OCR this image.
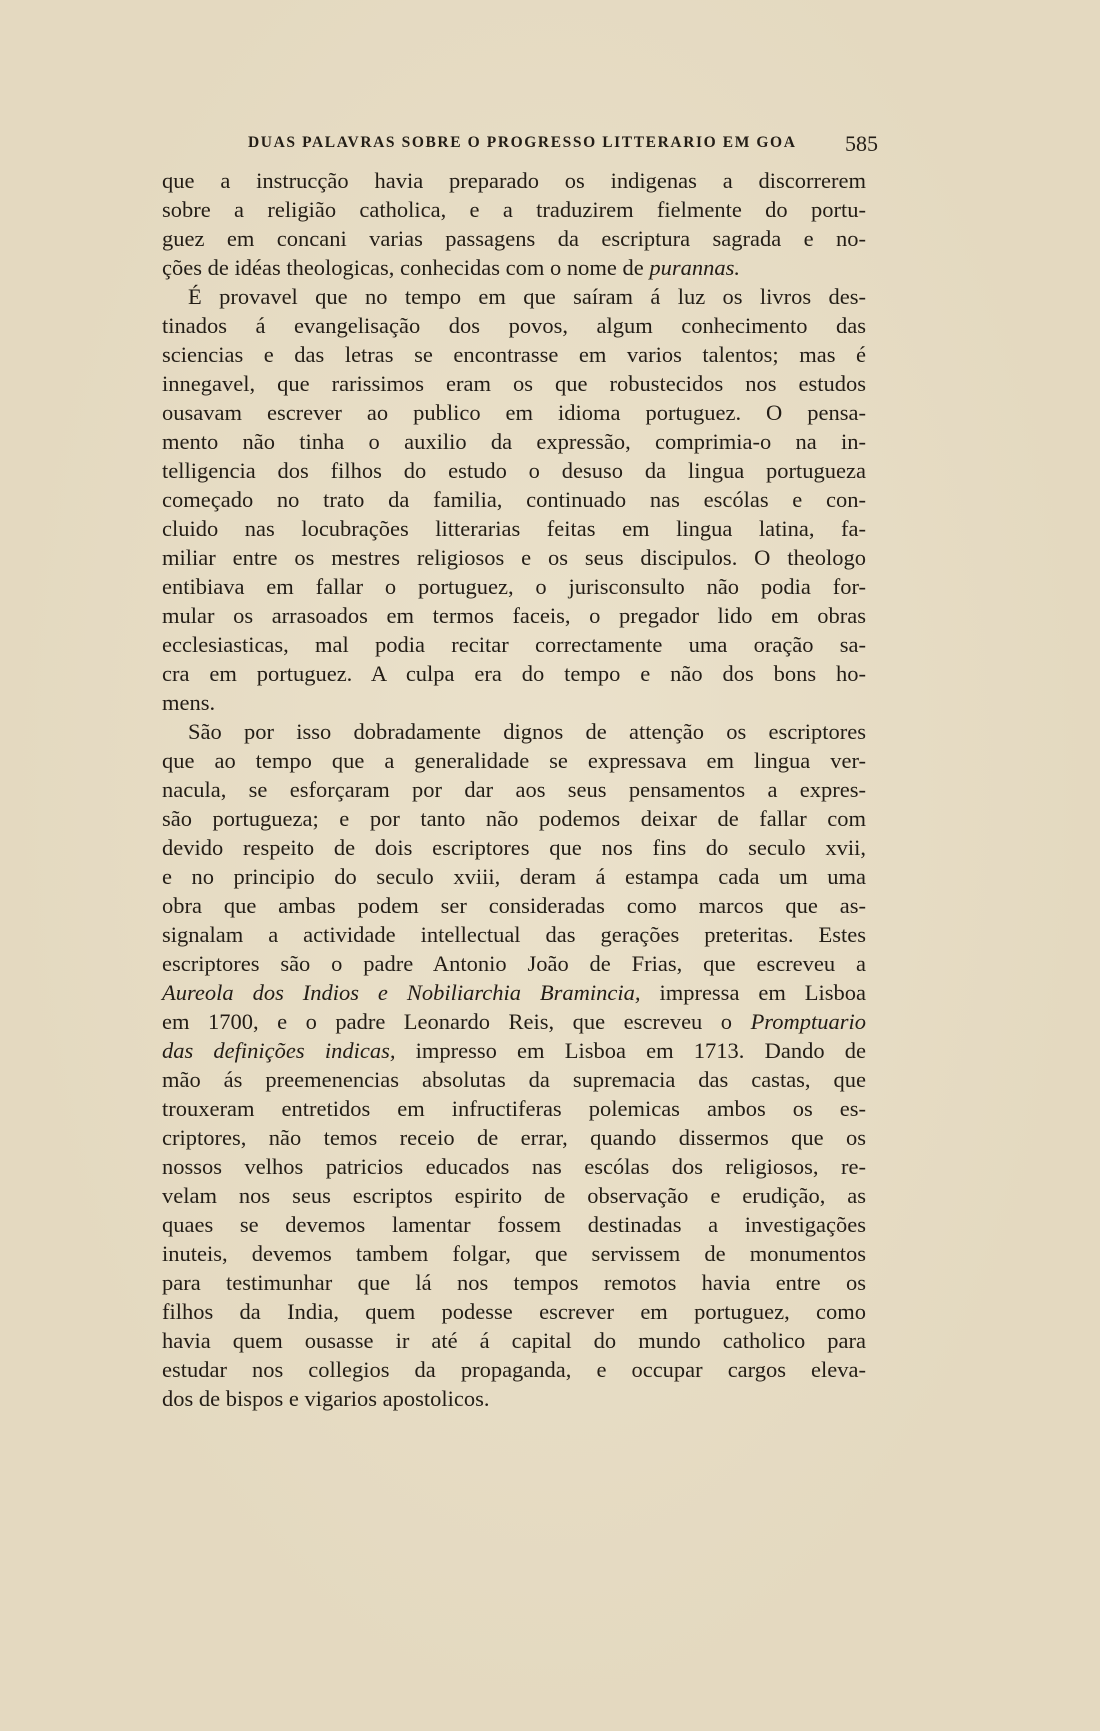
DUAS PALAVRAS SOBRE O PROGRESSO LITTERARIO EM GOA 585
que a instrucção havia preparado os indigenas a discorrerem
sobre a religião catholica, e a traduzirem fielmente do portu-
guez em concani varias passagens da escriptura sagrada e no-
ções de idéas theologicas, conhecidas com o nome de purannas.
É provavel que no tempo em que saíram á luz os livros des-
tinados á evangelisação dos povos, algum conhecimento das
sciencias e das letras se encontrasse em varios talentos; mas é
innegavel, que rarissimos eram os que robustecidos nos estudos
ousavam escrever ao publico em idioma portuguez. O pensa-
mento não tinha o auxilio da expressão, comprimia-o na in-
telligencia dos filhos do estudo o desuso da lingua portugueza
começado no trato da familia, continuado nas escólas e con-
cluido nas locubrações litterarias feitas em lingua latina, fa-
miliar entre os mestres religiosos e os seus discipulos. O theologo
entibiava em fallar o portuguez, o jurisconsulto não podia for-
mular os arrasoados em termos faceis, o pregador lido em obras
ecclesiasticas, mal podia recitar correctamente uma oração sa-
cra em portuguez. A culpa era do tempo e não dos bons ho-
mens.
São por isso dobradamente dignos de attenção os escriptores
que ao tempo que a generalidade se expressava em lingua ver-
nacula, se esforçaram por dar aos seus pensamentos a expres-
são portugueza; e por tanto não podemos deixar de fallar com
devido respeito de dois escriptores que nos fins do seculo xvii,
e no principio do seculo xviii, deram á estampa cada um uma
obra que ambas podem ser consideradas como marcos que as-
signalam a actividade intellectual das gerações preteritas. Estes
escriptores são o padre Antonio João de Frias, que escreveu a
Aureola dos Indios e Nobiliarchia Bramincia, impressa em Lisboa
em 1700, e o padre Leonardo Reis, que escreveu o Promptuario
das definições indicas, impresso em Lisboa em 1713. Dando de
mão ás preemenencias absolutas da supremacia das castas, que
trouxeram entretidos em infructiferas polemicas ambos os es-
criptores, não temos receio de errar, quando dissermos que os
nossos velhos patricios educados nas escólas dos religiosos, re-
velam nos seus escriptos espirito de observação e erudição, as
quaes se devemos lamentar fossem destinadas a investigações
inuteis, devemos tambem folgar, que servissem de monumentos
para testimunhar que lá nos tempos remotos havia entre os
filhos da India, quem podesse escrever em portuguez, como
havia quem ousasse ir até á capital do mundo catholico para
estudar nos collegios da propaganda, e occupar cargos eleva-
dos de bispos e vigarios apostolicos.
